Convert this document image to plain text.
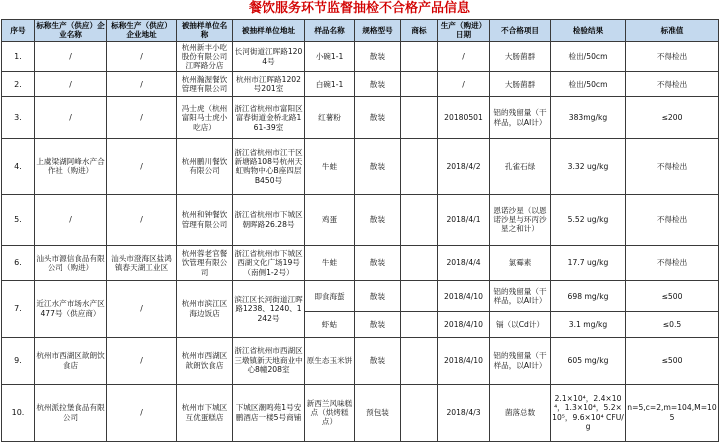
餐饮服务环节监督抽检不合格产品信息
序号	标称生产（供应）企业名称	标称生产（供应）企业地址	被抽样单位名称	被抽样单位地址	样品名称	规格型号	商标	生产（购进）日期	不合格项目	检验结果	标准值
1.	/	/	杭州新丰小吃股份有限公司江晖路分店	长河街道江晖路1204号	小碗1-1	散装		/	大肠菌群	检出/50cm	不得检出
2.	/	/	杭州瀚渥餐饮管理有限公司	杭州市江晖路1202号201室	白碗1-1	散装		/	大肠菌群	检出/50cm	不得检出
3.	/	/	冯士虎（杭州富阳马士虎小吃店）	浙江省杭州市富阳区富春街道金桥北路161-39室	红薯粉	散装		20180501	铝的残留量（干样品，以Al计）	383mg/kg	≤200
4.	上虞梁湖阿峰水产合作社（购进）	/	杭州鹏川餐饮有限公司	浙江省杭州市江干区新塘路108号杭州天虹购物中心B座四层B450号	牛蛙	散装		2018/4/2	孔雀石绿	3.32 ug/kg	不得检出
5.	/	/	杭州和钟餐饮管理有限公司	浙江省杭州市下城区朝晖路26.28号	鸡蛋	散装		2018/4/1	恩诺沙星（以恩诺沙星与环丙沙星之和计）	5.52 ug/kg	不得检出
6.	汕头市源信食品有限公司（购进）	汕头市澄海区盐鸿镇春天湖工业区	杭州蓉老官餐饮管理有限公司	浙江省杭州市下城区西湖文化广场19号（南侧1-2号）	牛蛙	散装		2018/4/4	氯霉素	17.7 ug/kg	不得检出
7.	近江水产市场水产区477号（供应商）	/	杭州市滨江区海边饭店	滨江区长河街道江晖路1238、1240、1242号	即食海蜇	散装		2018/4/10	铝的残留量（干样品，以Al计）	698 mg/kg	≤500
					虾蛄	散装		2018/4/10	镉（以Cd计）	3.1 mg/kg	≤0.5
9.	杭州市西湖区歆朗饮食店	/	杭州市西湖区歆朗饮食店	浙江省杭州市西湖区三墩镇新天地商业中心8幢208室	原生态玉米饼	散装		2018/4/10	铝的残留量（干样品，以Al计）	605 mg/kg	≤500
10.	杭州派拉堡食品有限公司	/	杭州市下城区互优蛋糕店	下城区潮鸣苑1号安鹏酒店一楼5号商铺	新西兰风味糕点（烘烤糕点）	预包装		2018/4/3	菌落总数	2.1×10⁴，2.4×10⁴，1.3×10⁴，5.2×10⁵，9.6×10⁴ CFU/g	n=5,c=2,m=104,M=105
